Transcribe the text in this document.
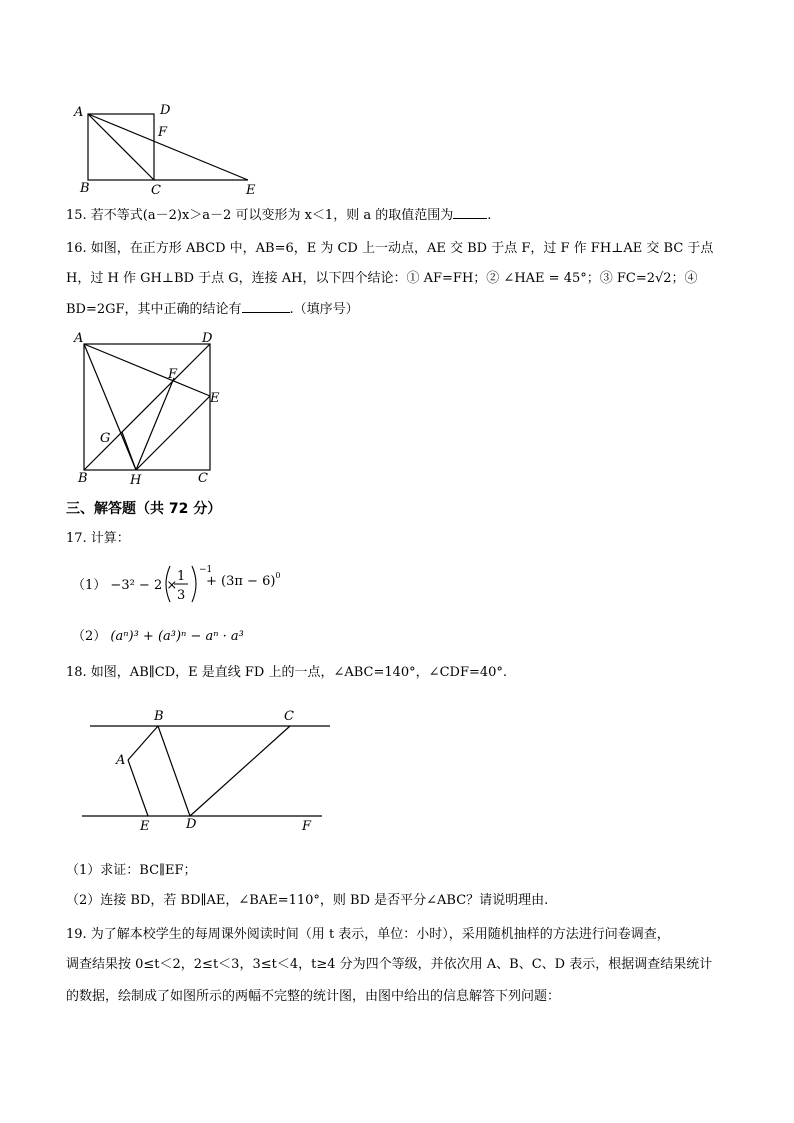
A	D
F
B	C	E
15. 若不等式(a－2)x＞a－2 可以变形为 x＜1，则 a 的取值范围为	.
16. 如图，在正方形 ABCD 中，AB=6，E 为 CD 上一动点，AE 交 BD 于点 F，过 F 作 FH⊥AE 交 BC 于点
H，过 H 作 GH⊥BD 于点 G，连接 AH，以下四个结论：① AF=FH；② ∠HAE = 45°；③ FC=2√2；④
BD=2GF，其中正确的结论有	.（填序号）
A	D
F
E
G
B	H	C
三、解答题（共 72 分）
17. 计算：
（1） −3² − 2 ×
1
3
−1
+ $(3\pi - 6)^0$
（2） (aⁿ)³ + (a³)ⁿ − aⁿ · a³
18. 如图，AB∥CD，E 是直线 FD 上的一点，∠ABC=140°，∠CDF=40°.
B	C
A
E	D	F
（1）求证：BC∥EF；
（2）连接 BD，若 BD∥AE，∠BAE=110°，则 BD 是否平分∠ABC？请说明理由.
19. 为了解本校学生的每周课外阅读时间（用 t 表示，单位：小时），采用随机抽样的方法进行问卷调查，
调查结果按 0≤t＜2，2≤t＜3，3≤t＜4，t≥4 分为四个等级，并依次用 A、B、C、D 表示，根据调查结果统计
的数据，绘制成了如图所示的两幅不完整的统计图，由图中给出的信息解答下列问题：
